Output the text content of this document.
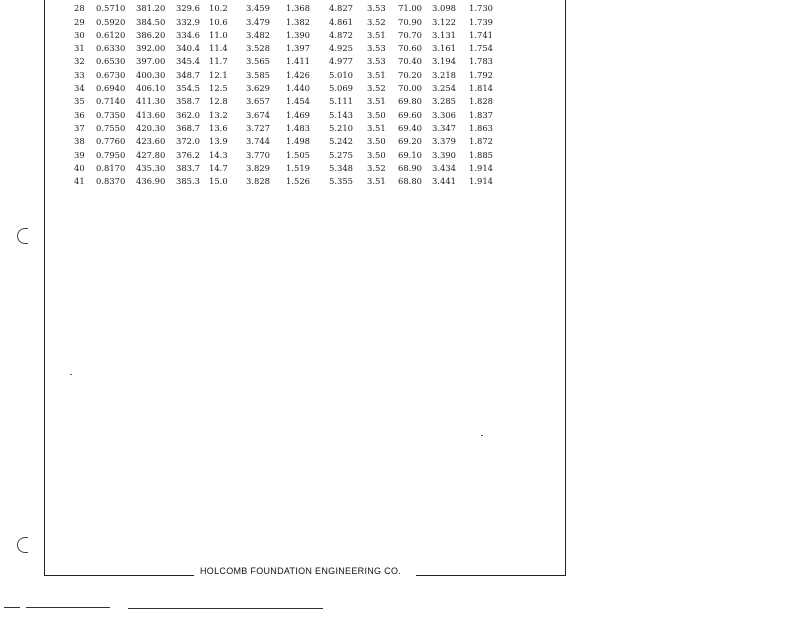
HOLCOMB FOUNDATION ENGINEERING CO.
28 0.5710 381.20 329.6 10.2 3.459 1.368 4.827 3.53 71.00 3.098 1.730
29 0.5920 384.50 332.9 10.6 3.479 1.382 4.861 3.52 70.90 3.122 1.739
30 0.6120 386.20 334.6 11.0 3.482 1.390 4.872 3.51 70.70 3.131 1.741
31 0.6330 392.00 340.4 11.4 3.528 1.397 4.925 3.53 70.60 3.161 1.754
32 0.6530 397.00 345.4 11.7 3.565 1.411 4.977 3.53 70.40 3.194 1.783
33 0.6730 400.30 348.7 12.1 3.585 1.426 5.010 3.51 70.20 3.218 1.792
34 0.6940 406.10 354.5 12.5 3.629 1.440 5.069 3.52 70.00 3.254 1.814
35 0.7140 411.30 358.7 12.8 3.657 1.454 5.111 3.51 69.80 3.285 1.828
36 0.7350 413.60 362.0 13.2 3.674 1.469 5.143 3.50 69.60 3.306 1.837
37 0.7550 420.30 368.7 13.6 3.727 1.483 5.210 3.51 69.40 3.347 1.863
38 0.7760 423.60 372.0 13.9 3.744 1.498 5.242 3.50 69.20 3.379 1.872
39 0.7950 427.80 376.2 14.3 3.770 1.505 5.275 3.50 69.10 3.390 1.885
40 0.8170 435.30 383.7 14.7 3.829 1.519 5.348 3.52 68.90 3.434 1.914
41 0.8370 436.90 385.3 15.0 3.828 1.526 5.355 3.51 68.80 3.441 1.914
